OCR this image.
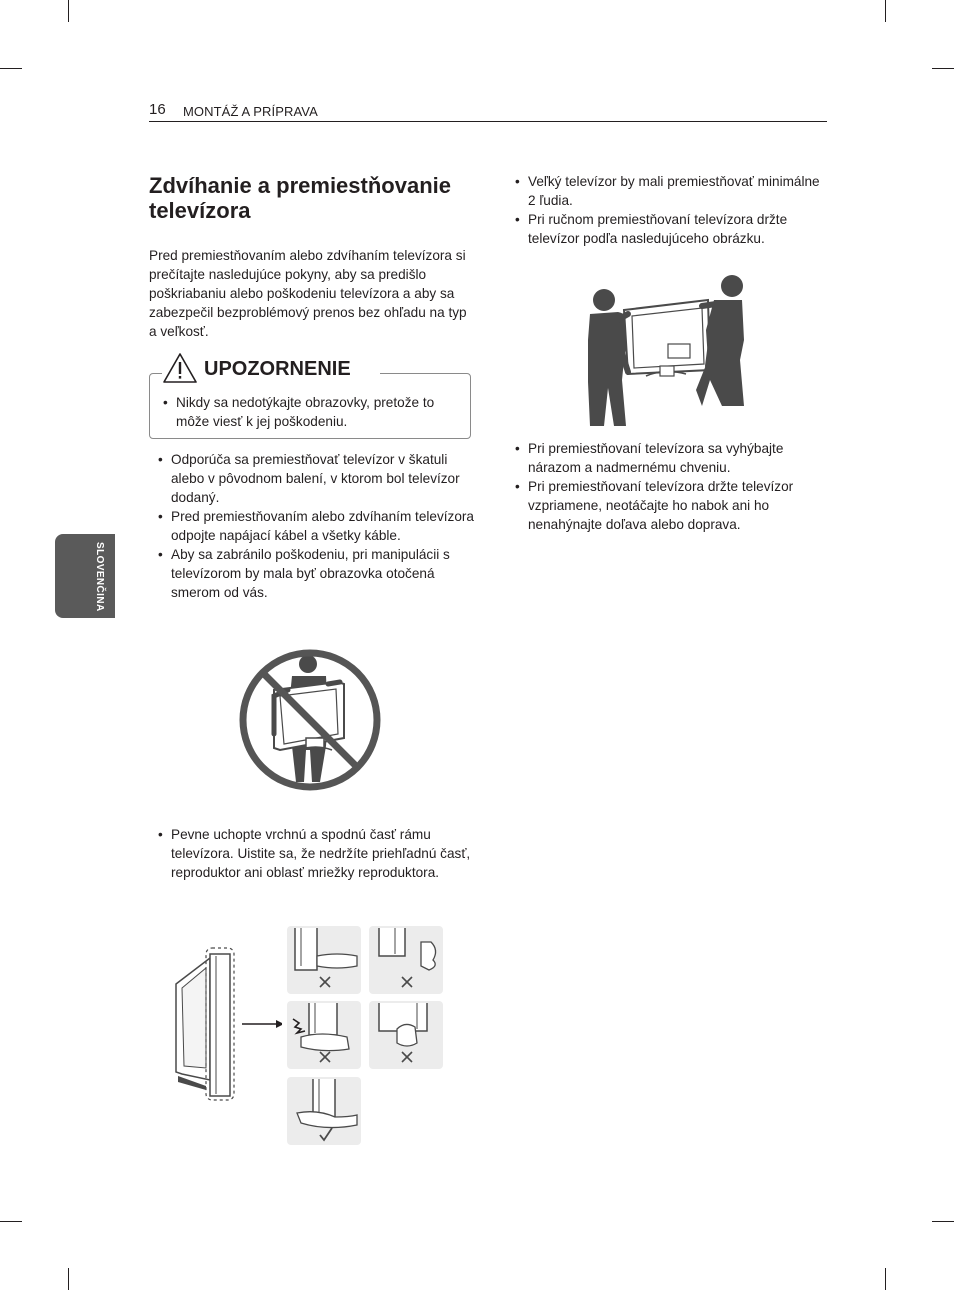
16 MONTÁŽ A PRÍPRAVA
SLOVENČINA
Zdvíhanie a premiestňovanie televízora

Pred premiestňovaním alebo zdvíhaním televízora si prečítajte nasledujúce pokyny, aby sa predišlo poškriabaniu alebo poškodeniu televízora a aby sa zabezpečil bezproblémový prenos bez ohľadu na typ a veľkosť.

UPOZORNENIE
• Nikdy sa nedotýkajte obrazovky, pretože to môže viesť k jej poškodeniu.
• Odporúča sa premiestňovať televízor v škatuli alebo v pôvodnom balení, v ktorom bol televízor dodaný.
• Pred premiestňovaním alebo zdvíhaním televízora odpojte napájací kábel a všetky káble.
• Aby sa zabránilo poškodeniu, pri manipulácii s televízorom by mala byť obrazovka otočená smerom od vás.
• Pevne uchopte vrchnú a spodnú časť rámu televízora. Uistite sa, že nedržíte priehľadnú časť, reproduktor ani oblasť mriežky reproduktora.
• Veľký televízor by mali premiestňovať minimálne 2 ľudia.
• Pri ručnom premiestňovaní televízora držte televízor podľa nasledujúceho obrázku.
• Pri premiestňovaní televízora sa vyhýbajte nárazom a nadmernému chveniu.
• Pri premiestňovaní televízora držte televízor vzpriamene, neotáčajte ho nabok ani ho nenahýnajte doľava alebo doprava.
